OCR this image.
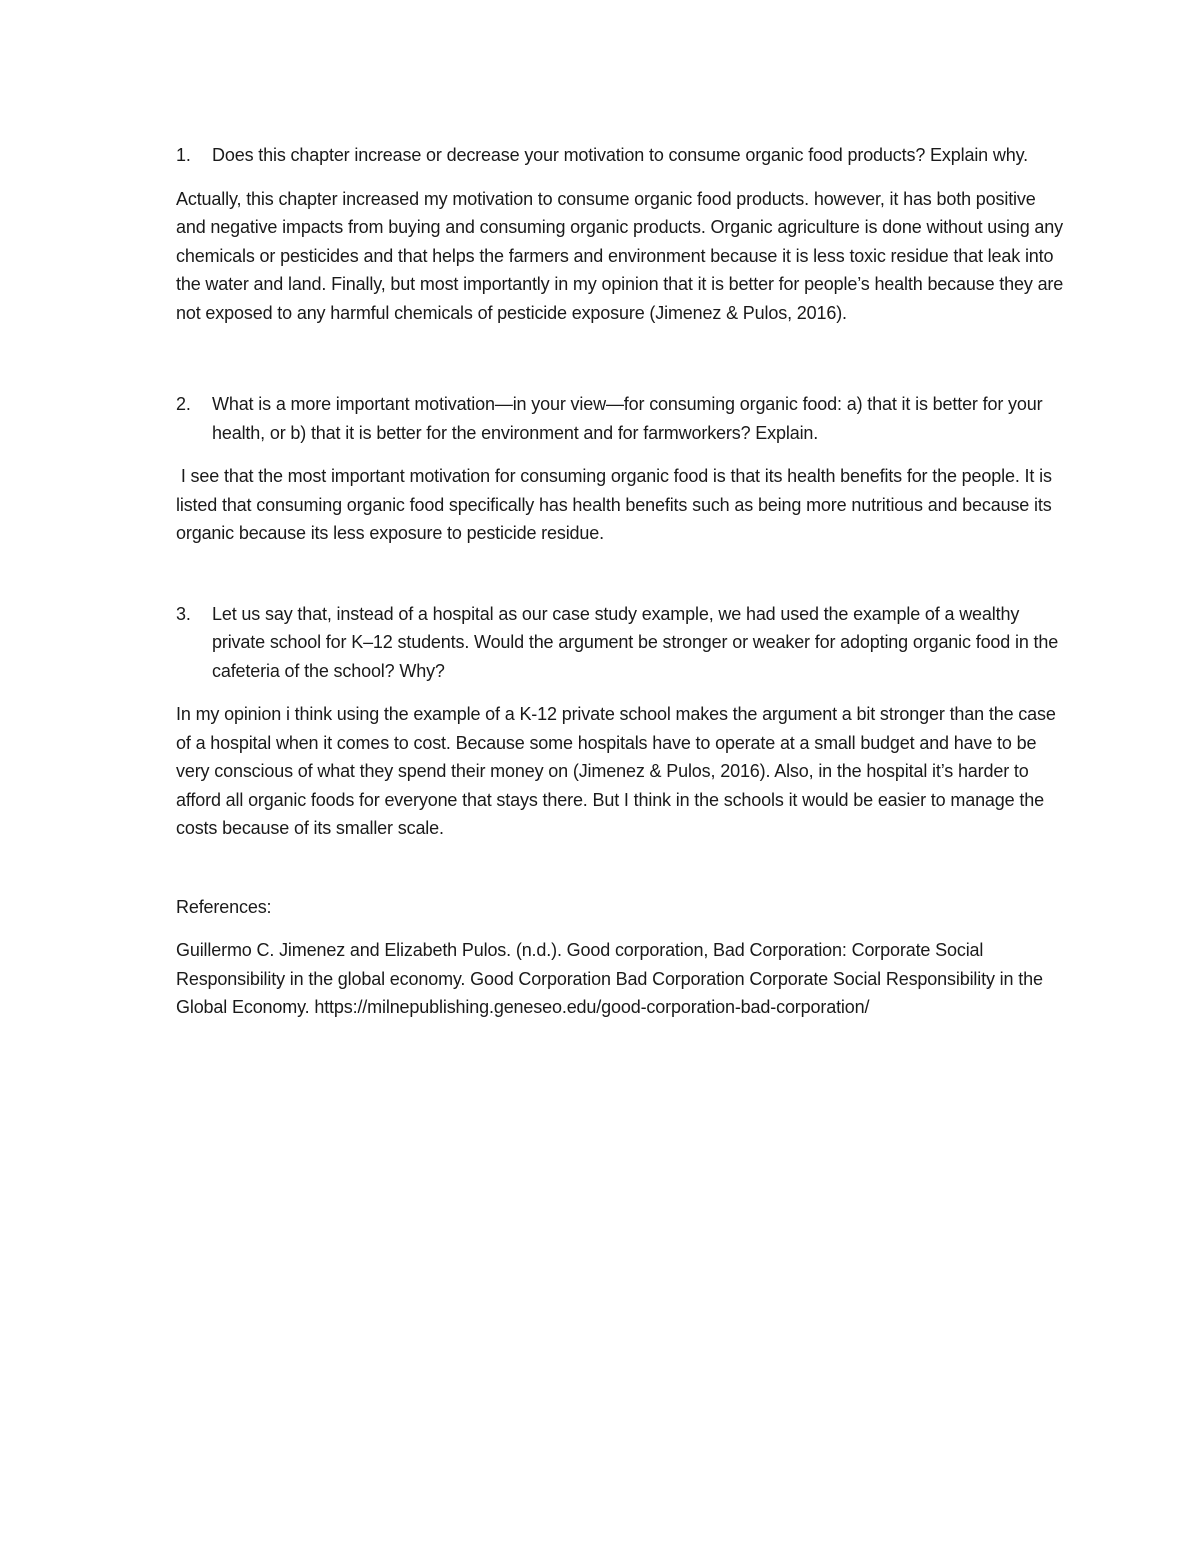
1.	Does this chapter increase or decrease your motivation to consume organic food products? Explain why.

Actually, this chapter increased my motivation to consume organic food products. however, it has both positive and negative impacts from buying and consuming organic products. Organic agriculture is done without using any chemicals or pesticides and that helps the farmers and environment because it is less toxic residue that leak into the water and land. Finally, but most importantly in my opinion that it is better for people’s health because they are not exposed to any harmful chemicals of pesticide exposure (Jimenez & Pulos, 2016).

2.	What is a more important motivation—in your view—for consuming organic food: a) that it is better for your health, or b) that it is better for the environment and for farmworkers? Explain.

I see that the most important motivation for consuming organic food is that its health benefits for the people. It is listed that consuming organic food specifically has health benefits such as being more nutritious and because its organic because its less exposure to pesticide residue.

3.	Let us say that, instead of a hospital as our case study example, we had used the example of a wealthy private school for K–12 students. Would the argument be stronger or weaker for adopting organic food in the cafeteria of the school? Why?

In my opinion i think using the example of a K-12 private school makes the argument a bit stronger than the case of a hospital when it comes to cost. Because some hospitals have to operate at a small budget and have to be very conscious of what they spend their money on (Jimenez & Pulos, 2016). Also, in the hospital it’s harder to afford all organic foods for everyone that stays there. But I think in the schools it would be easier to manage the costs because of its smaller scale.

References:

Guillermo C. Jimenez and Elizabeth Pulos. (n.d.). Good corporation, Bad Corporation: Corporate Social Responsibility in the global economy. Good Corporation Bad Corporation Corporate Social Responsibility in the Global Economy. https://milnepublishing.geneseo.edu/good-corporation-bad-corporation/
